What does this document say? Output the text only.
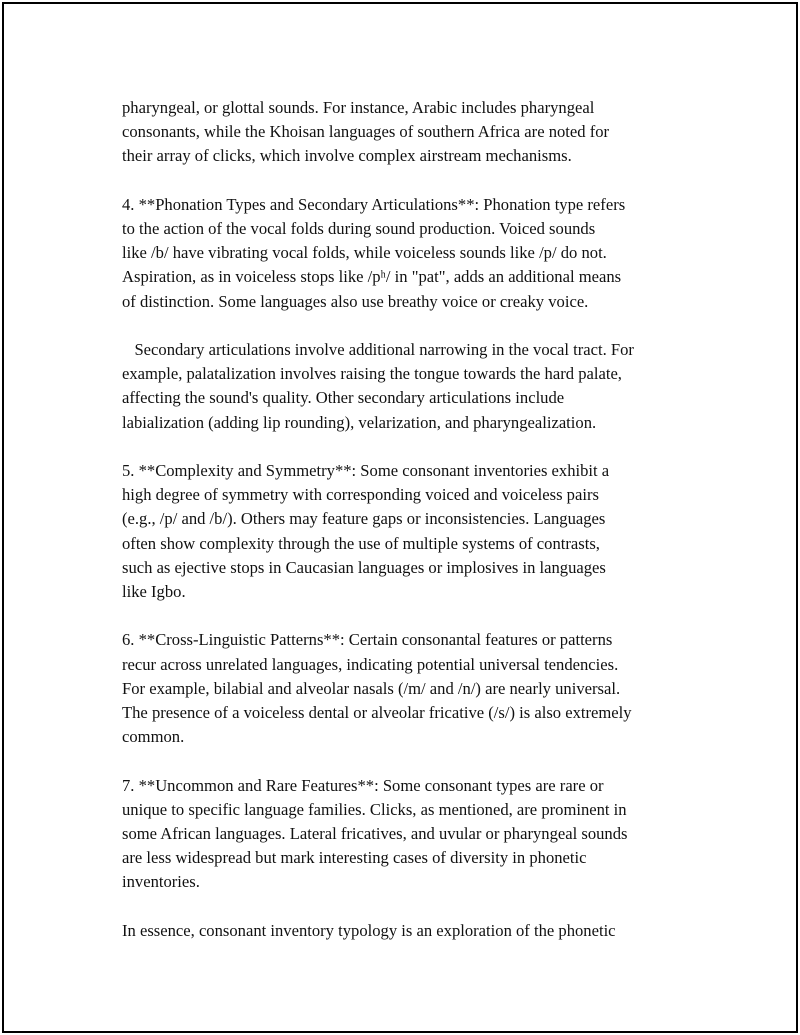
pharyngeal, or glottal sounds. For instance, Arabic includes pharyngeal
consonants, while the Khoisan languages of southern Africa are noted for
their array of clicks, which involve complex airstream mechanisms.

4. **Phonation Types and Secondary Articulations**: Phonation type refers
to the action of the vocal folds during sound production. Voiced sounds
like /b/ have vibrating vocal folds, while voiceless sounds like /p/ do not.
Aspiration, as in voiceless stops like /pʰ/ in "pat", adds an additional means
of distinction. Some languages also use breathy voice or creaky voice.

Secondary articulations involve additional narrowing in the vocal tract. For
example, palatalization involves raising the tongue towards the hard palate,
affecting the sound's quality. Other secondary articulations include
labialization (adding lip rounding), velarization, and pharyngealization.

5. **Complexity and Symmetry**: Some consonant inventories exhibit a
high degree of symmetry with corresponding voiced and voiceless pairs
(e.g., /p/ and /b/). Others may feature gaps or inconsistencies. Languages
often show complexity through the use of multiple systems of contrasts,
such as ejective stops in Caucasian languages or implosives in languages
like Igbo.

6. **Cross-Linguistic Patterns**: Certain consonantal features or patterns
recur across unrelated languages, indicating potential universal tendencies.
For example, bilabial and alveolar nasals (/m/ and /n/) are nearly universal.
The presence of a voiceless dental or alveolar fricative (/s/) is also extremely
common.

7. **Uncommon and Rare Features**: Some consonant types are rare or
unique to specific language families. Clicks, as mentioned, are prominent in
some African languages. Lateral fricatives, and uvular or pharyngeal sounds
are less widespread but mark interesting cases of diversity in phonetic
inventories.

In essence, consonant inventory typology is an exploration of the phonetic
